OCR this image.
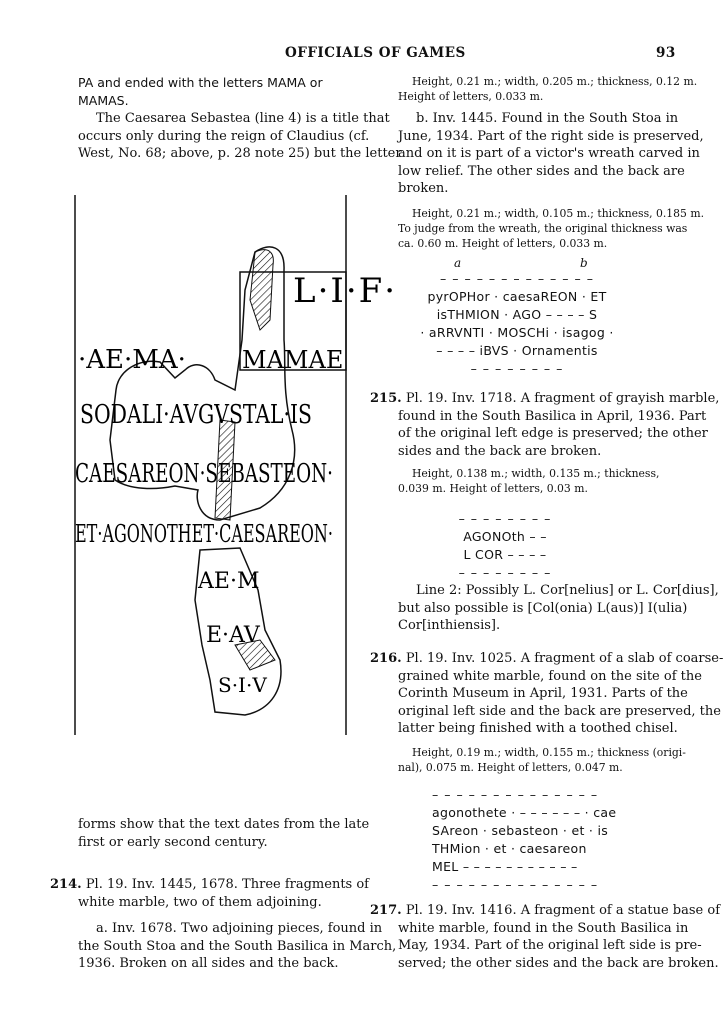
OFFICIALS OF GAMES	93
PA and ended with the letters MAMA or
MAMAS.
The Caesarea Sebastea (line 4) is a title that
occurs only during the reign of Claudius (cf.
West, No. 68; above, p. 28 note 25) but the letter
L·I·F·
·AE·MA· MAMAE
SODALI·AVGVSTAL·IS
CAESAREON·SEBASTEON·
ET·AGONOTHET·CAESAREON·
AE·M
E·AV
S·I·V
forms show that the text dates from the late
first or early second century.
214. Pl. 19. Inv. 1445, 1678. Three fragments of
white marble, two of them adjoining.
a. Inv. 1678. Two adjoining pieces, found in
the South Stoa and the South Basilica in March,
1936. Broken on all sides and the back.
Height, 0.21 m.; width, 0.205 m.; thickness, 0.12 m.
Height of letters, 0.033 m.
b. Inv. 1445. Found in the South Stoa in
June, 1934. Part of the right side is preserved,
and on it is part of a victor's wreath carved in
low relief. The other sides and the back are
broken.
Height, 0.21 m.; width, 0.105 m.; thickness, 0.185 m.
To judge from the wreath, the original thickness was
ca. 0.60 m. Height of letters, 0.033 m.
a	b
– – – – – – – – – – – – –
pyrOPHor · caesaREON · ET
isTHMION · AGO – – – – S
· aRRVNTI · MOSCHi · isagog ·
– – – – iBVS · Ornamentis
– – – – – – – –
215. Pl. 19. Inv. 1718. A fragment of grayish marble,
found in the South Basilica in April, 1936. Part
of the original left edge is preserved; the other
sides and the back are broken.
Height, 0.138 m.; width, 0.135 m.; thickness,
0.039 m. Height of letters, 0.03 m.
– – – – – – – –
AGONOth – –
L COR – – – –
– – – – – – – –
Line 2: Possibly L. Cor[nelius] or L. Cor[dius],
but also possible is [Col(onia) L(aus)] I(ulia)
Cor[inthiensis].
216. Pl. 19. Inv. 1025. A fragment of a slab of coarse-
grained white marble, found on the site of the
Corinth Museum in April, 1931. Parts of the
original left side and the back are preserved, the
latter being finished with a toothed chisel.
Height, 0.19 m.; width, 0.155 m.; thickness (origi-
nal), 0.075 m. Height of letters, 0.047 m.
– – – – – – – – – – – – – –
agonothete · – – – – – – · cae
SAreon · sebasteon · et · is
THMion · et · caesareon
MEL – – – – – – – – – – –
– – – – – – – – – – – – – –
217. Pl. 19. Inv. 1416. A fragment of a statue base of
white marble, found in the South Basilica in
May, 1934. Part of the original left side is pre-
served; the other sides and the back are broken.
